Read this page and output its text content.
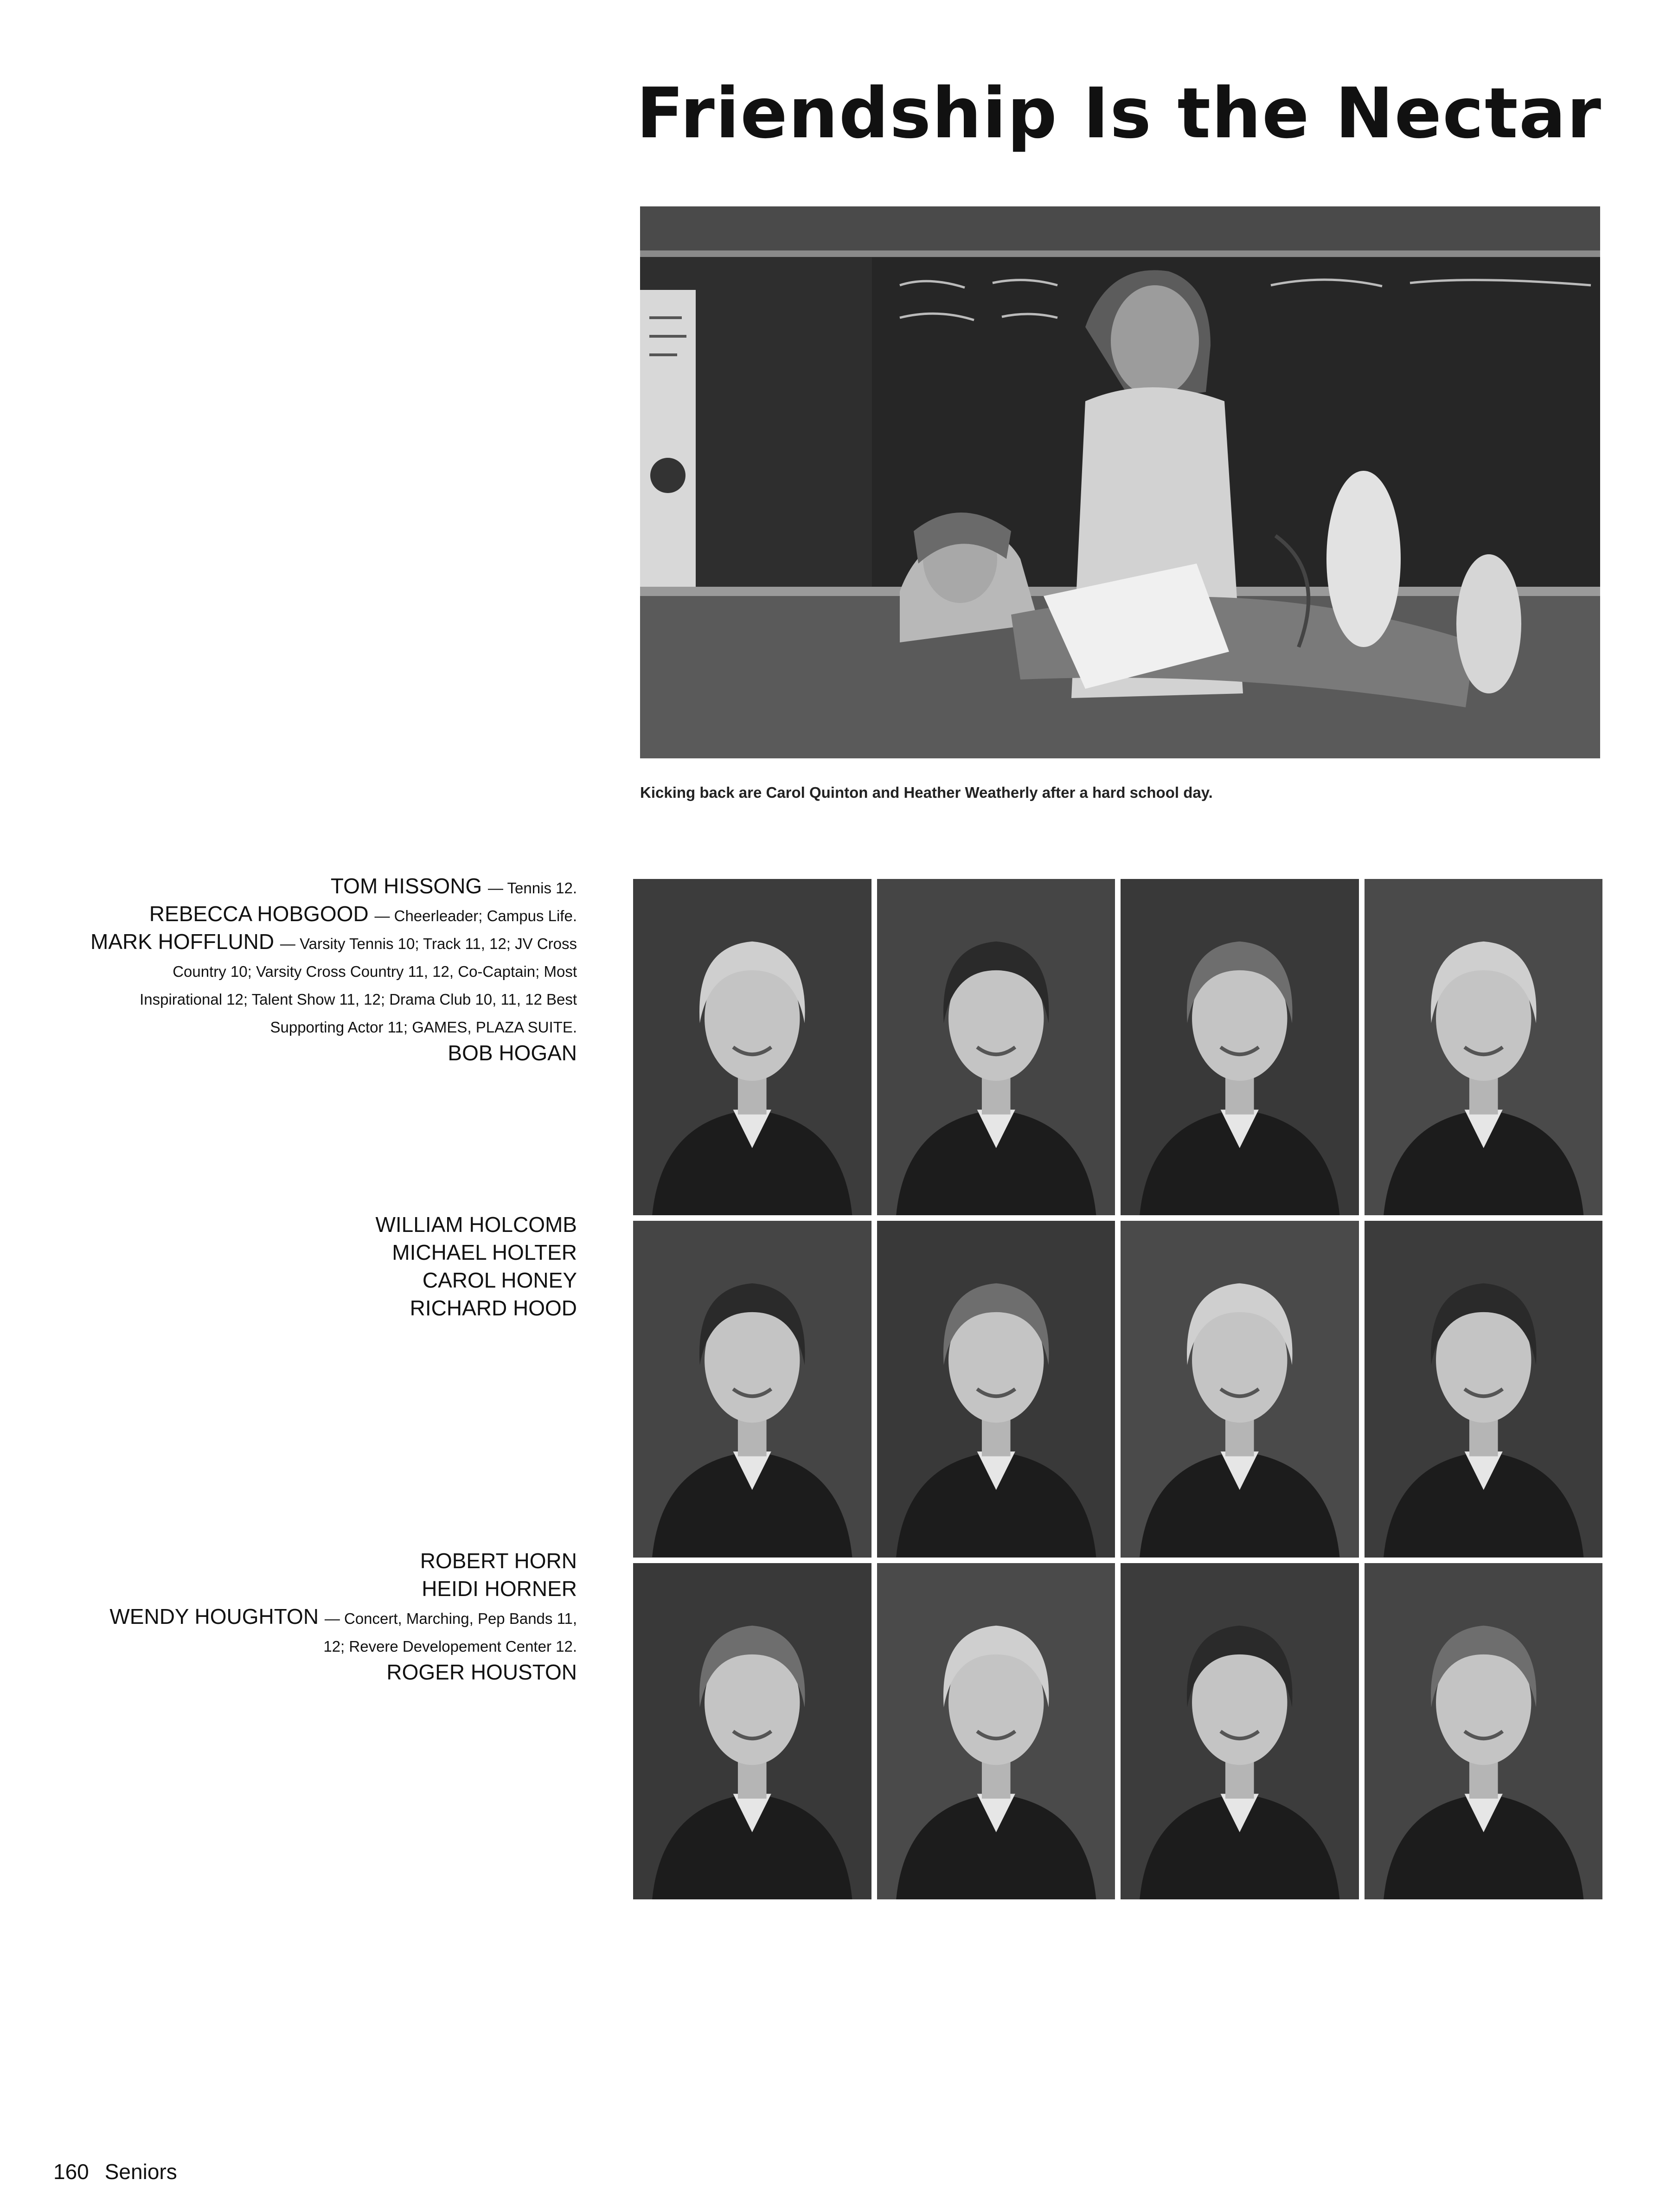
Friendship Is the Nectar
Kicking back are Carol Quinton and Heather Weatherly after a hard school day.
TOM HISSONG — Tennis 12.
REBECCA HOBGOOD — Cheerleader; Campus Life.
MARK HOFFLUND — Varsity Tennis 10; Track 11, 12; JV Cross Country 10; Varsity Cross Country 11, 12, Co-Captain; Most Inspirational 12; Talent Show 11, 12; Drama Club 10, 11, 12 Best Supporting Actor 11; GAMES, PLAZA SUITE.
BOB HOGAN
WILLIAM HOLCOMB
MICHAEL HOLTER
CAROL HONEY
RICHARD HOOD
ROBERT HORN
HEIDI HORNER
WENDY HOUGHTON — Concert, Marching, Pep Bands 11, 12; Revere Developement Center 12.
ROGER HOUSTON
160 Seniors
